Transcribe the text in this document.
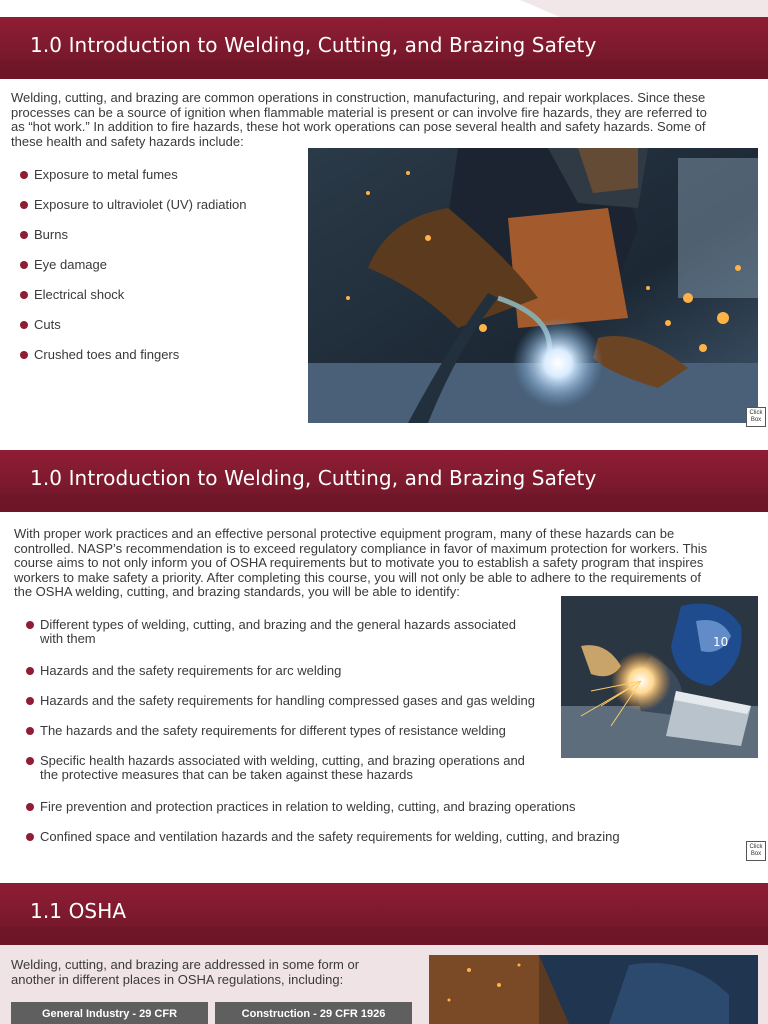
1.0 Introduction to Welding, Cutting, and Brazing Safety
Welding, cutting, and brazing are common operations in construction, manufacturing, and repair workplaces. Since these
processes can be a source of ignition when flammable material is present or can involve fire hazards, they are referred to
as “hot work.” In addition to fire hazards, these hot work operations can pose several health and safety hazards. Some of
these health and safety hazards include:
Exposure to metal fumes
Exposure to ultraviolet (UV) radiation
Burns
Eye damage
Electrical shock
Cuts
Crushed toes and fingers
Click Box
1.0 Introduction to Welding, Cutting, and Brazing Safety
With proper work practices and an effective personal protective equipment program, many of these hazards can be
controlled. NASP’s recommendation is to exceed regulatory compliance in favor of maximum protection for workers. This
course aims to not only inform you of OSHA requirements but to motivate you to establish a safety program that inspires
workers to make safety a priority. After completing this course, you will not only be able to adhere to the requirements of
the OSHA welding, cutting, and brazing standards, you will be able to identify:
Different types of welding, cutting, and brazing and the general hazards associated
with them
Hazards and the safety requirements for arc welding
Hazards and the safety requirements for handling compressed gases and gas welding
The hazards and the safety requirements for different types of resistance welding
Specific health hazards associated with welding, cutting, and brazing operations and
the protective measures that can be taken against these hazards
Fire prevention and protection practices in relation to welding, cutting, and brazing operations
Confined space and ventilation hazards and the safety requirements for welding, cutting, and brazing
10
Click Box
1.1 OSHA
Welding, cutting, and brazing are addressed in some form or
another in different places in OSHA regulations, including:
General Industry - 29 CFR	Construction - 29 CFR 1926
